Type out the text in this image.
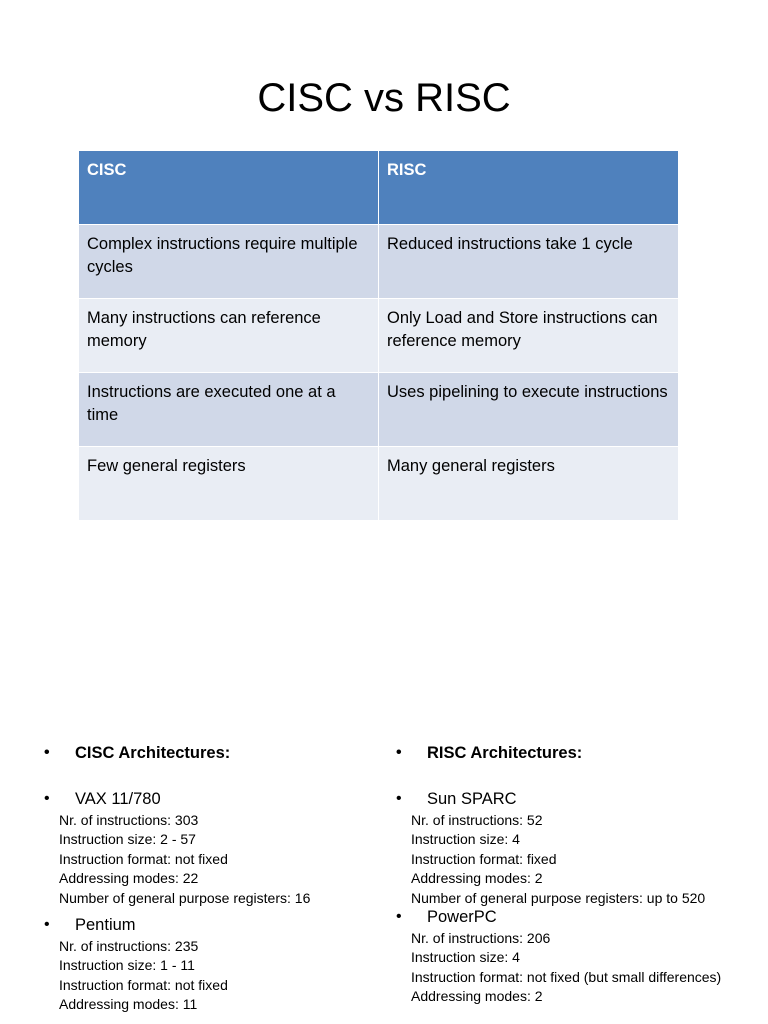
CISC vs RISC
CISC	RISC
Complex instructions require multiple cycles	Reduced instructions take 1 cycle
Many instructions can reference memory	Only Load and Store instructions can reference memory
Instructions are executed one at a time	Uses pipelining to execute instructions
Few general registers	Many general registers
• CISC Architectures:
• VAX 11/780
Nr. of instructions: 303
Instruction size: 2 - 57
Instruction format: not fixed
Addressing modes: 22
Number of general purpose registers: 16
• Pentium
Nr. of instructions: 235
Instruction size: 1 - 11
Instruction format: not fixed
Addressing modes: 11
• RISC Architectures:
• Sun SPARC
Nr. of instructions: 52
Instruction size: 4
Instruction format: fixed
Addressing modes: 2
Number of general purpose registers: up to 520
• PowerPC
Nr. of instructions: 206
Instruction size: 4
Instruction format: not fixed (but small differences)
Addressing modes: 2
